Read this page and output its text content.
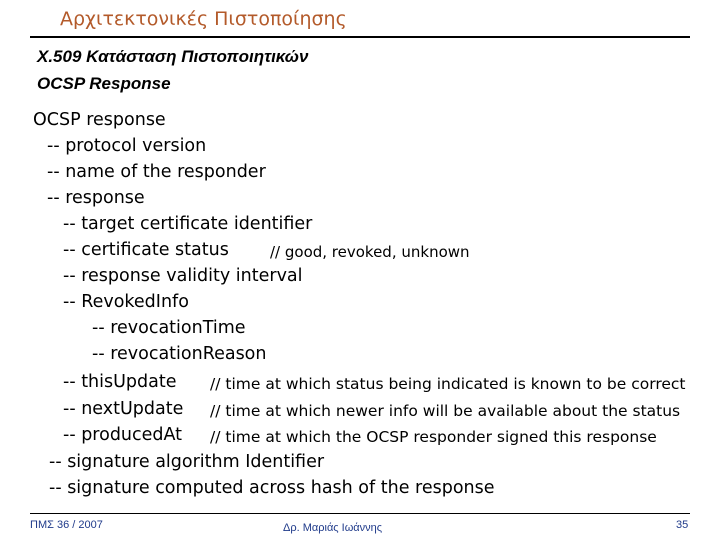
Αρχιτεκτονικές Πιστοποίησης
X.509 Κατάσταση Πιστοποιητικών
OCSP Response
OCSP response
-- protocol version
-- name of the responder
-- response
-- target certificate identifier
-- certificate status	// good, revoked, unknown
-- response validity interval
-- RevokedInfo
-- revocationTime
-- revocationReason
-- thisUpdate // time at which status being indicated is known to be correct
-- nextUpdate // time at which newer info will be available about the status
-- producedAt // time at which the OCSP responder signed this response
-- signature algorithm Identifier
-- signature computed across hash of the response
ΠΜΣ 36 / 2007	Δρ. Μαριάς Ιωάννης	35
